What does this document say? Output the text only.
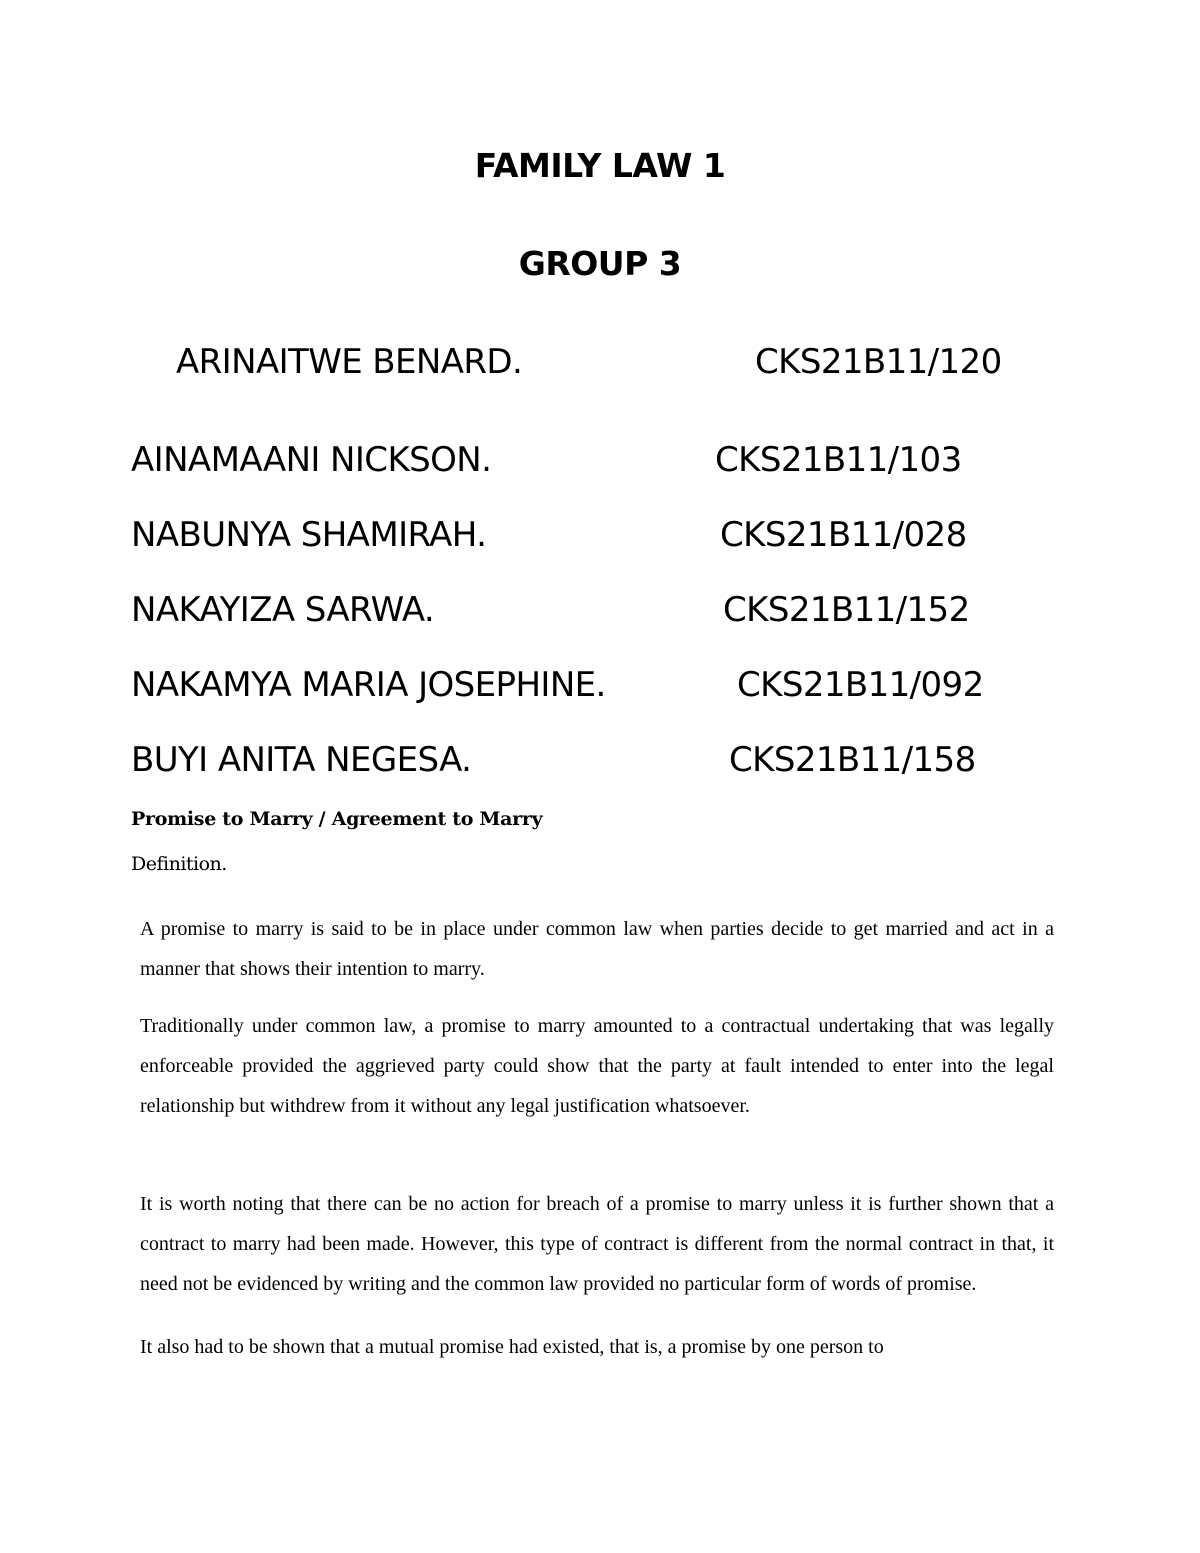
FAMILY LAW 1
GROUP 3
ARINAITWE BENARD.	CKS21B11/120
AINAMAANI NICKSON.	CKS21B11/103
NABUNYA SHAMIRAH.	CKS21B11/028
NAKAYIZA SARWA.	CKS21B11/152
NAKAMYA MARIA JOSEPHINE.	CKS21B11/092
BUYI ANITA NEGESA.	CKS21B11/158
Promise to Marry / Agreement to Marry
Definition.
A promise to marry is said to be in place under common law when parties decide to get married and act in a manner that shows their intention to marry.
Traditionally under common law, a promise to marry amounted to a contractual undertaking that was legally enforceable provided the aggrieved party could show that the party at fault intended to enter into the legal relationship but withdrew from it without any legal justification whatsoever.
It is worth noting that there can be no action for breach of a promise to marry unless it is further shown that a contract to marry had been made. However, this type of contract is different from the normal contract in that, it need not be evidenced by writing and the common law provided no particular form of words of promise.
It also had to be shown that a mutual promise had existed, that is, a promise by one person to
